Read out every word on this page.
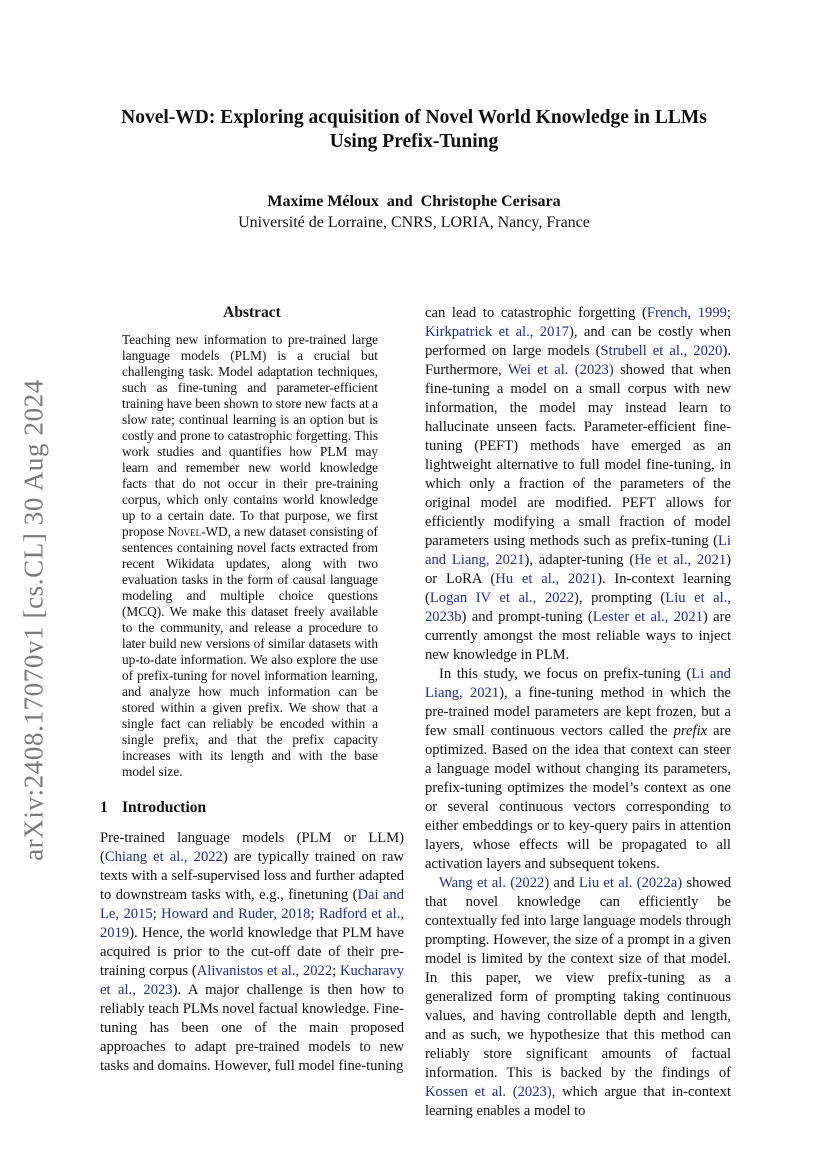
arXiv:2408.17070v1 [cs.CL] 30 Aug 2024
Novel-WD: Exploring acquisition of Novel World Knowledge in LLMs
Using Prefix-Tuning
Maxime Méloux  and  Christophe Cerisara
Université de Lorraine, CNRS, LORIA, Nancy, France
Abstract

Teaching new information to pre-trained large language models (PLM) is a crucial but challenging task. Model adaptation techniques, such as fine-tuning and parameter-efficient training have been shown to store new facts at a slow rate; continual learning is an option but is costly and prone to catastrophic forgetting. This work studies and quantifies how PLM may learn and remember new world knowledge facts that do not occur in their pre-training corpus, which only contains world knowledge up to a certain date. To that purpose, we first propose Novel-WD, a new dataset consisting of sentences containing novel facts extracted from recent Wikidata updates, along with two evaluation tasks in the form of causal language modeling and multiple choice questions (MCQ). We make this dataset freely available to the community, and release a procedure to later build new versions of similar datasets with up-to-date information. We also explore the use of prefix-tuning for novel information learning, and analyze how much information can be stored within a given prefix. We show that a single fact can reliably be encoded within a single prefix, and that the prefix capacity increases with its length and with the base model size.

1 Introduction

Pre-trained language models (PLM or LLM) (Chiang et al., 2022) are typically trained on raw texts with a self-supervised loss and further adapted to downstream tasks with, e.g., finetuning (Dai and Le, 2015; Howard and Ruder, 2018; Radford et al., 2019). Hence, the world knowledge that PLM have acquired is prior to the cut-off date of their pre-training corpus (Alivanistos et al., 2022; Kucharavy et al., 2023). A major challenge is then how to reliably teach PLMs novel factual knowledge. Fine-tuning has been one of the main proposed approaches to adapt pre-trained models to new tasks and domains. However, full model fine-tuning

can lead to catastrophic forgetting (French, 1999; Kirkpatrick et al., 2017), and can be costly when performed on large models (Strubell et al., 2020). Furthermore, Wei et al. (2023) showed that when fine-tuning a model on a small corpus with new information, the model may instead learn to hallucinate unseen facts. Parameter-efficient fine-tuning (PEFT) methods have emerged as an lightweight alternative to full model fine-tuning, in which only a fraction of the parameters of the original model are modified. PEFT allows for efficiently modifying a small fraction of model parameters using methods such as prefix-tuning (Li and Liang, 2021), adapter-tuning (He et al., 2021) or LoRA (Hu et al., 2021). In-context learning (Logan IV et al., 2022), prompting (Liu et al., 2023b) and prompt-tuning (Lester et al., 2021) are currently amongst the most reliable ways to inject new knowledge in PLM.

In this study, we focus on prefix-tuning (Li and Liang, 2021), a fine-tuning method in which the pre-trained model parameters are kept frozen, but a few small continuous vectors called the prefix are optimized. Based on the idea that context can steer a language model without changing its parameters, prefix-tuning optimizes the model’s context as one or several continuous vectors corresponding to either embeddings or to key-query pairs in attention layers, whose effects will be propagated to all activation layers and subsequent tokens.

Wang et al. (2022) and Liu et al. (2022a) showed that novel knowledge can efficiently be contextually fed into large language models through prompting. However, the size of a prompt in a given model is limited by the context size of that model. In this paper, we view prefix-tuning as a generalized form of prompting taking continuous values, and having controllable depth and length, and as such, we hypothesize that this method can reliably store significant amounts of factual information. This is backed by the findings of Kossen et al. (2023), which argue that in-context learning enables a model to
